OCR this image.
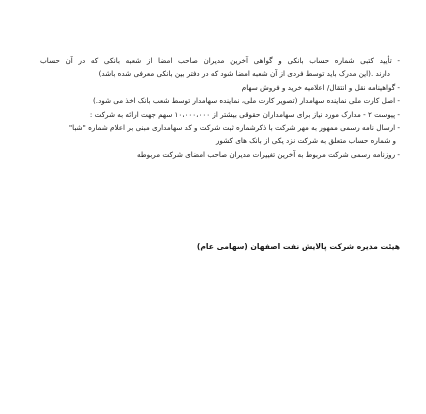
- تأیید کتبی شماره حساب بانکی و گواهی آخرین مدیران صاحب امضا از شعبه بانکی که در آن حساب
دارند .(این مدرک باید توسط فردی از آن شعبه امضا شود که در دفتر بین بانکی معرفی شده باشد)
- گواهینامه نقل و انتقال/ اعلامیه خرید و فروش سهام
- اصل کارت ملی نماینده سهامدار (تصویر کارت ملی، نماینده سهامدار توسط شعب بانک اخذ می شود.)
- پیوست ۲ - مدارک مورد نیاز برای سهامداران حقوقی بیشتر از ۱۰،۰۰۰،۰۰۰ سهم جهت ارائه به شرکت :
- ارسال نامه رسمی ممهور به مهر شرکت با ذکرشماره ثبت شرکت و کد سهامداری مبنی بر اعلام شماره "شبا"
و شماره حساب متعلق به شرکت نزد یکی از بانک های کشور
- روزنامه رسمی شرکت مربوط به آخرین تغییرات مدیران صاحب امضای شرکت مربوطه
هیئت مدیره شرکت پالایش نفت اصفهان (سهامی عام)
